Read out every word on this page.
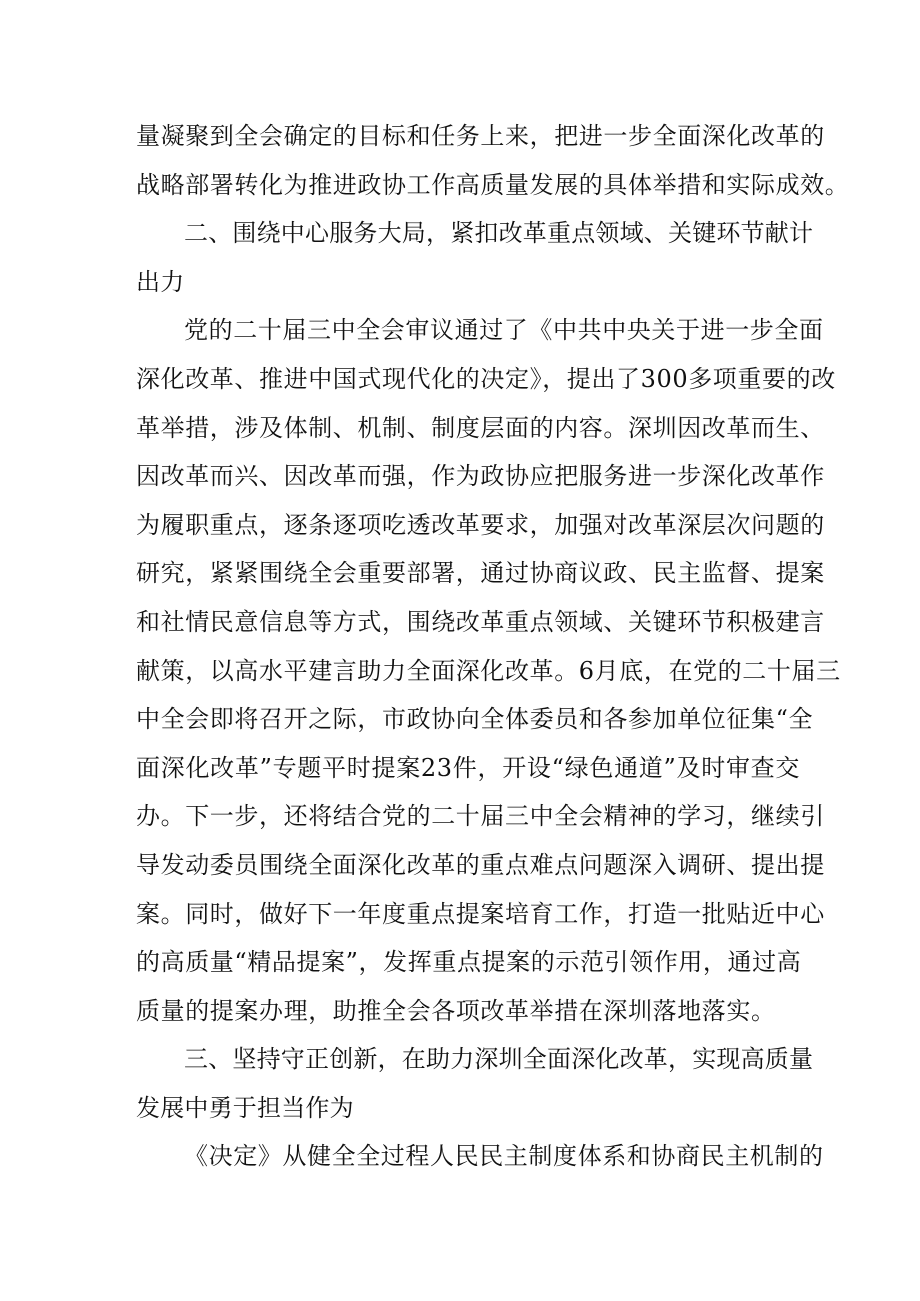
量凝聚到全会确定的目标和任务上来，把进一步全面深化改革的
战略部署转化为推进政协工作高质量发展的具体举措和实际成效。
二、围绕中心服务大局，紧扣改革重点领域、关键环节献计
出力
党的二十届三中全会审议通过了《中共中央关于进一步全面
深化改革、推进中国式现代化的决定》，提出了300多项重要的改
革举措，涉及体制、机制、制度层面的内容。深圳因改革而生、
因改革而兴、因改革而强，作为政协应把服务进一步深化改革作
为履职重点，逐条逐项吃透改革要求，加强对改革深层次问题的
研究，紧紧围绕全会重要部署，通过协商议政、民主监督、提案
和社情民意信息等方式，围绕改革重点领域、关键环节积极建言
献策，以高水平建言助力全面深化改革。6月底，在党的二十届三
中全会即将召开之际，市政协向全体委员和各参加单位征集“全
面深化改革”专题平时提案23件，开设“绿色通道”及时审查交
办。下一步，还将结合党的二十届三中全会精神的学习，继续引
导发动委员围绕全面深化改革的重点难点问题深入调研、提出提
案。同时，做好下一年度重点提案培育工作，打造一批贴近中心
的高质量“精品提案”，发挥重点提案的示范引领作用，通过高
质量的提案办理，助推全会各项改革举措在深圳落地落实。
三、坚持守正创新，在助力深圳全面深化改革，实现高质量
发展中勇于担当作为
《决定》从健全全过程人民民主制度体系和协商民主机制的
